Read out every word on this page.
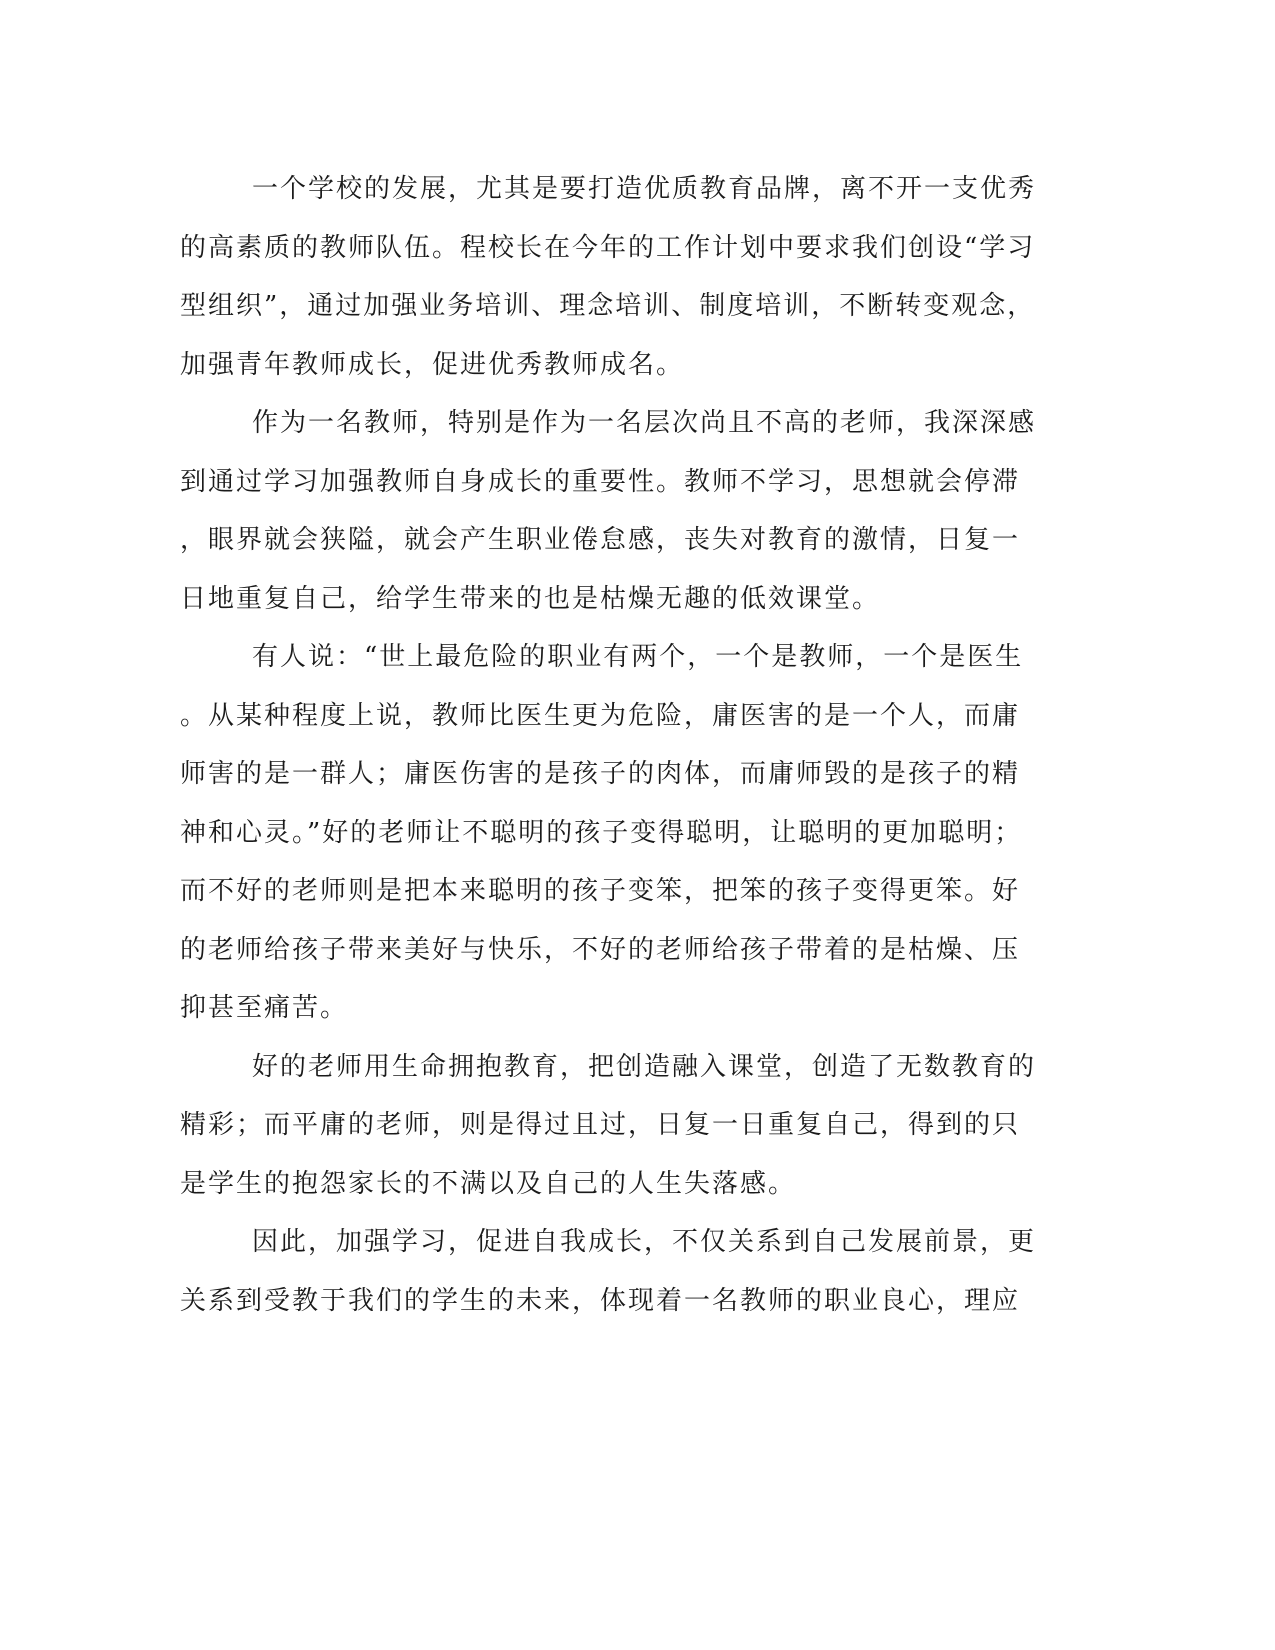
一个学校的发展，尤其是要打造优质教育品牌，离不开一支优秀
的高素质的教师队伍。程校长在今年的工作计划中要求我们创设“学习
型组织”，通过加强业务培训、理念培训、制度培训，不断转变观念，
加强青年教师成长，促进优秀教师成名。
作为一名教师，特别是作为一名层次尚且不高的老师，我深深感
到通过学习加强教师自身成长的重要性。教师不学习，思想就会停滞
，眼界就会狭隘，就会产生职业倦怠感，丧失对教育的激情，日复一
日地重复自己，给学生带来的也是枯燥无趣的低效课堂。
有人说：“世上最危险的职业有两个，一个是教师，一个是医生
。从某种程度上说，教师比医生更为危险，庸医害的是一个人，而庸
师害的是一群人；庸医伤害的是孩子的肉体，而庸师毁的是孩子的精
神和心灵。”好的老师让不聪明的孩子变得聪明，让聪明的更加聪明；
而不好的老师则是把本来聪明的孩子变笨，把笨的孩子变得更笨。好
的老师给孩子带来美好与快乐，不好的老师给孩子带着的是枯燥、压
抑甚至痛苦。
好的老师用生命拥抱教育，把创造融入课堂，创造了无数教育的
精彩；而平庸的老师，则是得过且过，日复一日重复自己，得到的只
是学生的抱怨家长的不满以及自己的人生失落感。
因此，加强学习，促进自我成长，不仅关系到自己发展前景，更
关系到受教于我们的学生的未来，体现着一名教师的职业良心，理应
